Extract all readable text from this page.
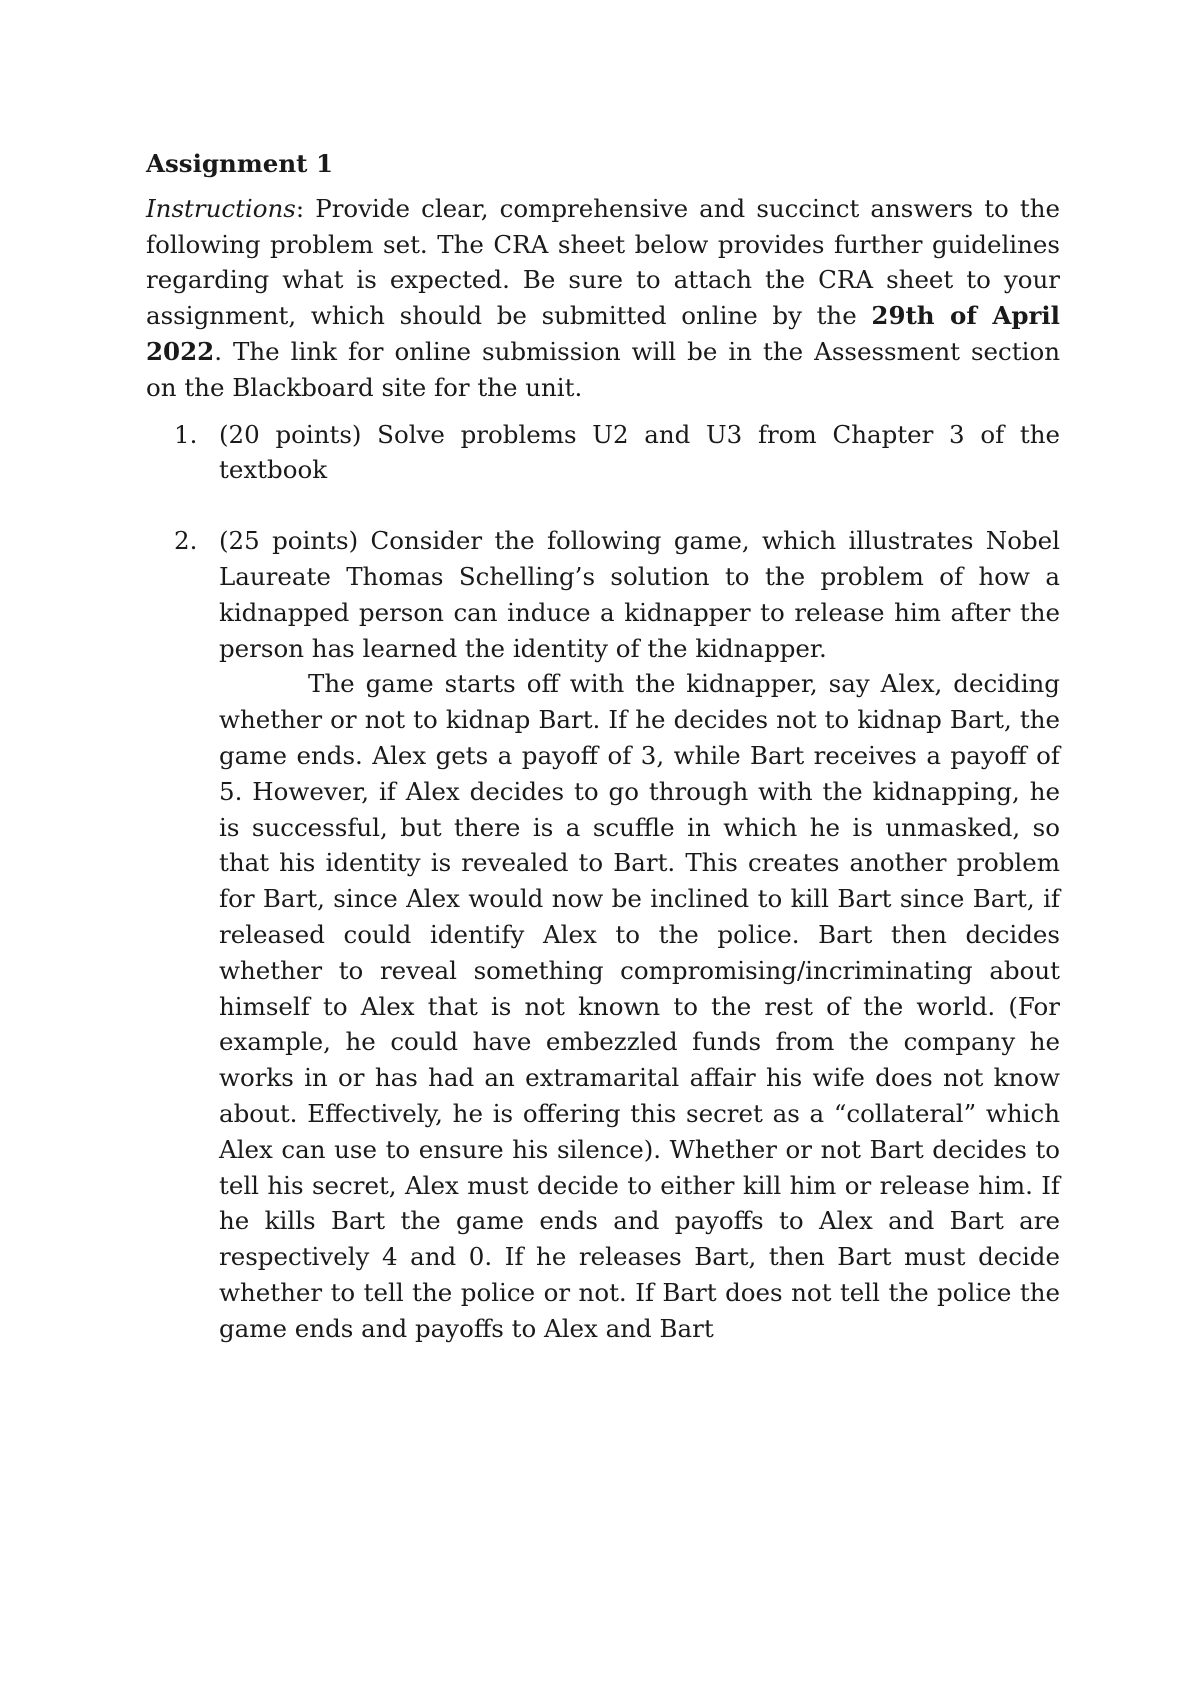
Assignment 1

Instructions: Provide clear, comprehensive and succinct answers to the following problem set. The CRA sheet below provides further guidelines regarding what is expected. Be sure to attach the CRA sheet to your assignment, which should be submitted online by the 29th of April 2022. The link for online submission will be in the Assessment section on the Blackboard site for the unit.

1. (20 points) Solve problems U2 and U3 from Chapter 3 of the textbook

2. (25 points) Consider the following game, which illustrates Nobel Laureate Thomas Schelling’s solution to the problem of how a kidnapped person can induce a kidnapper to release him after the person has learned the identity of the kidnapper.

The game starts off with the kidnapper, say Alex, deciding whether or not to kidnap Bart. If he decides not to kidnap Bart, the game ends. Alex gets a payoff of 3, while Bart receives a payoff of 5. However, if Alex decides to go through with the kidnapping, he is successful, but there is a scuffle in which he is unmasked, so that his identity is revealed to Bart. This creates another problem for Bart, since Alex would now be inclined to kill Bart since Bart, if released could identify Alex to the police. Bart then decides whether to reveal something compromising/incriminating about himself to Alex that is not known to the rest of the world. (For example, he could have embezzled funds from the company he works in or has had an extramarital affair his wife does not know about. Effectively, he is offering this secret as a “collateral” which Alex can use to ensure his silence). Whether or not Bart decides to tell his secret, Alex must decide to either kill him or release him. If he kills Bart the game ends and payoffs to Alex and Bart are respectively 4 and 0. If he releases Bart, then Bart must decide whether to tell the police or not. If Bart does not tell the police the game ends and payoffs to Alex and Bart
